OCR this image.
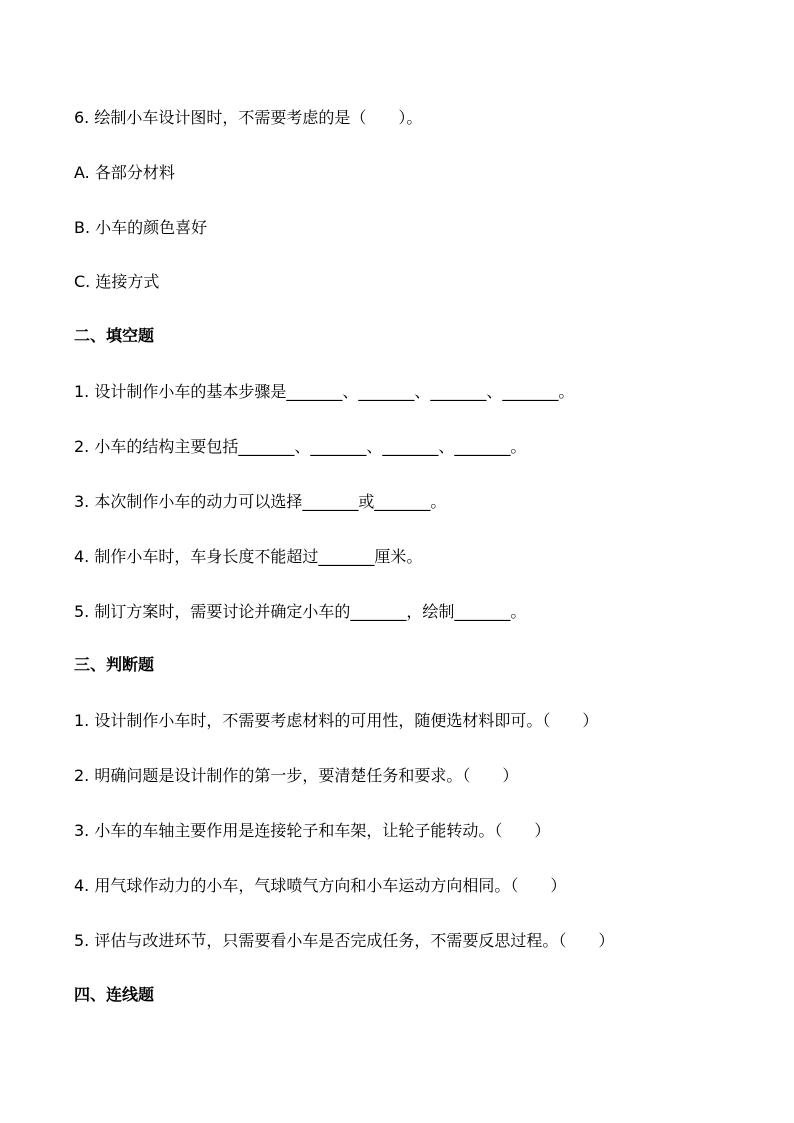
6. 绘制小车设计图时，不需要考虑的是（　　）。
A. 各部分材料
B. 小车的颜色喜好
C. 连接方式
二、填空题
1. 设计制作小车的基本步骤是_______、_______、_______、_______。
2. 小车的结构主要包括_______、_______、_______、_______。
3. 本次制作小车的动力可以选择_______或_______。
4. 制作小车时，车身长度不能超过_______厘米。
5. 制订方案时，需要讨论并确定小车的_______，绘制_______。
三、判断题
1. 设计制作小车时，不需要考虑材料的可用性，随便选材料即可。（　　）
2. 明确问题是设计制作的第一步，要清楚任务和要求。（　　）
3. 小车的车轴主要作用是连接轮子和车架，让轮子能转动。（　　）
4. 用气球作动力的小车，气球喷气方向和小车运动方向相同。（　　）
5. 评估与改进环节，只需要看小车是否完成任务，不需要反思过程。（　　）
四、连线题
